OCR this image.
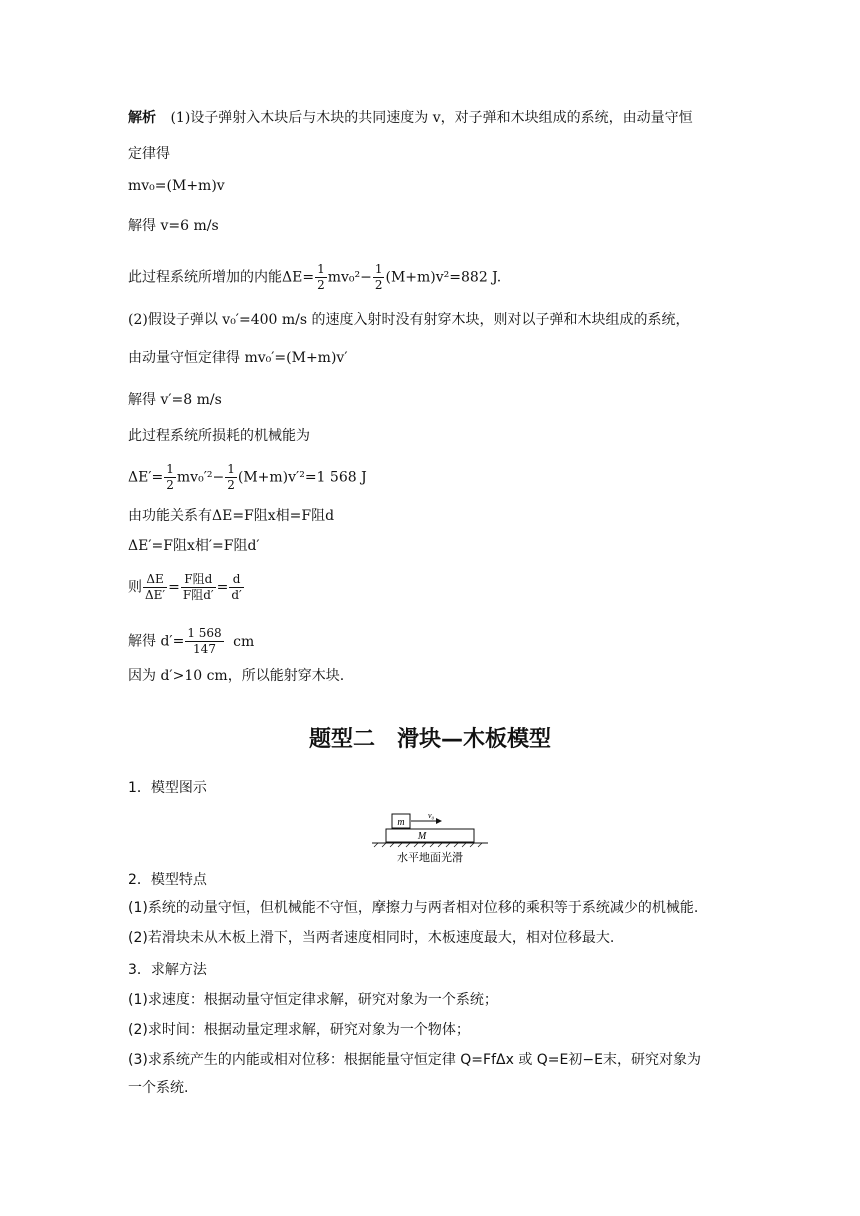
解析 (1)设子弹射入木块后与木块的共同速度为 v，对子弹和木块组成的系统，由动量守恒
定律得
mv₀=(M+m)v
解得 v=6 m/s
此过程系统所增加的内能$\Delta E= \frac{1}{2} mv_0^2- \frac{1}{2} (M+m)v^2=882$ J.
(2)假设子弹以 v₀′=400 m/s 的速度入射时没有射穿木块，则对以子弹和木块组成的系统，
由动量守恒定律得 mv₀′=(M+m)v′
解得 v′=8 m/s
此过程系统所损耗的机械能为
$\Delta E'= \frac{1}{2} mv_0'^2- \frac{1}{2} (M+m)v'^2=1$ 568 J
由功能关系有ΔE=F阻x相=F阻d
ΔE′=F阻x相′=F阻d′
则 $\frac{\Delta E}{\Delta E'} = \frac{\text{F阻d}}{\text{F阻d′}} = \frac{d}{d'}$
解得 $d'= \frac{1 568}{147}$ cm
因为 d′>10 cm，所以能射穿木块.
题型二　滑块—木板模型
1．模型图示
m
v₀
M
水平地面光滑
2．模型特点
(1)系统的动量守恒，但机械能不守恒，摩擦力与两者相对位移的乘积等于系统减少的机械能.
(2)若滑块未从木板上滑下，当两者速度相同时，木板速度最大，相对位移最大.
3．求解方法
(1)求速度：根据动量守恒定律求解，研究对象为一个系统；
(2)求时间：根据动量定理求解，研究对象为一个物体；
(3)求系统产生的内能或相对位移：根据能量守恒定律 Q=FfΔx 或 Q=E初−E末，研究对象为
一个系统.
